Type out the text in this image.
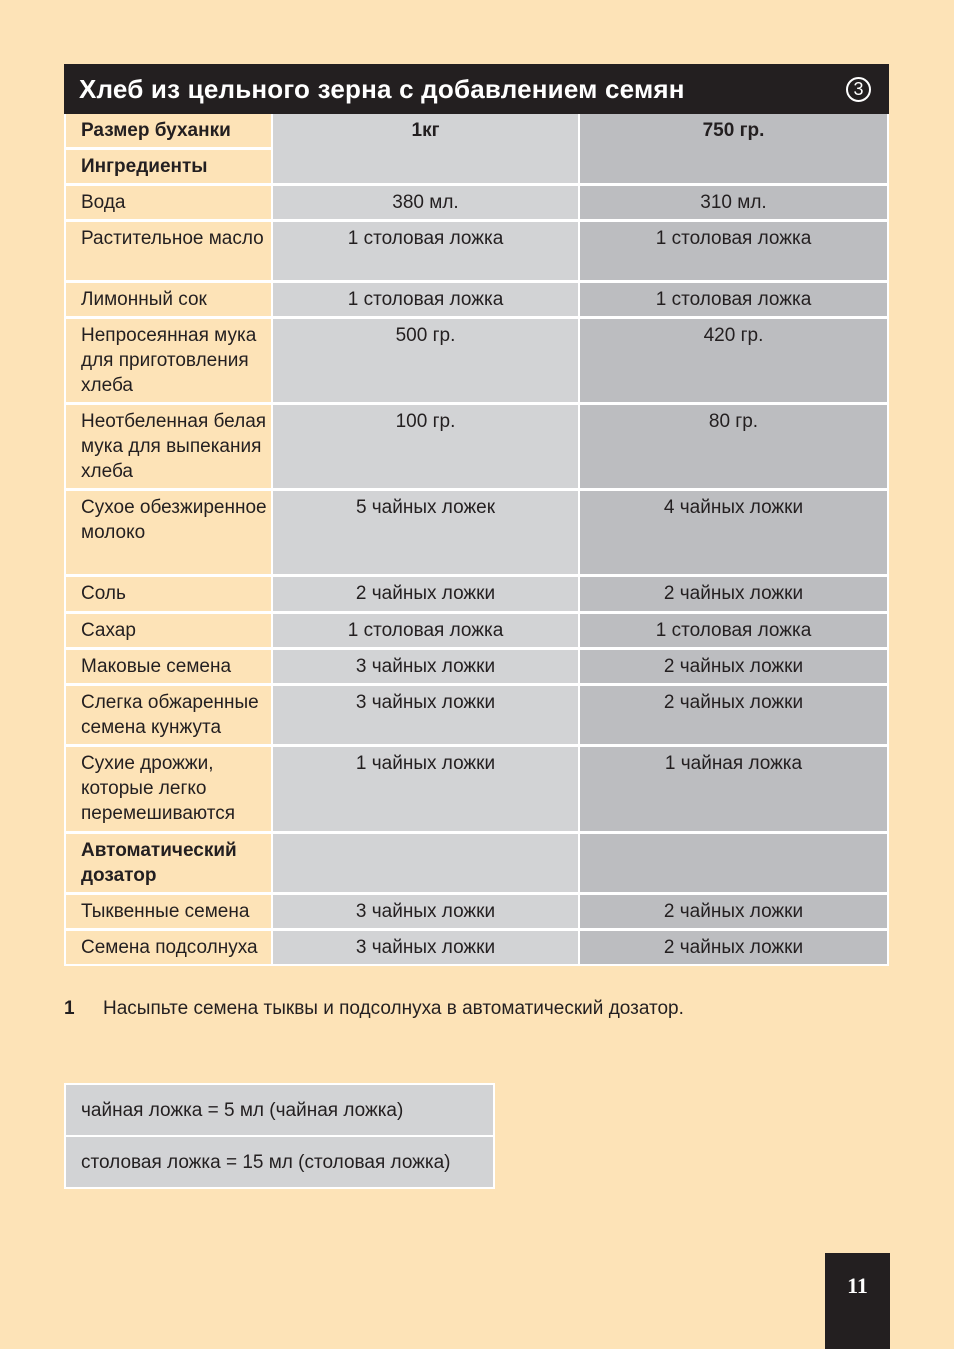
Хлеб из цельного зерна с добавлением семян	3
Размер буханки	1кг	750 гр.
Ингредиенты		
Вода	380 мл.	310 мл.
Растительное масло	1 столовая ложка	1 столовая ложка
Лимонный сок	1 столовая ложка	1 столовая ложка
Непросеянная мука для приготовления хлеба	500 гр.	420 гр.
Неотбеленная белая мука для выпекания хлеба	100 гр.	80 гр.
Сухое обезжиренное молоко	5 чайных ложек	4 чайных ложки
Соль	2 чайных ложки	2 чайных ложки
Сахар	1 столовая ложка	1 столовая ложка
Маковые семена	3 чайных ложки	2 чайных ложки
Слегка обжаренные семена кунжута	3 чайных ложки	2 чайных ложки
Сухие дрожжи, которые легко перемешиваются	1 чайных ложки	1 чайная ложка
Автоматический дозатор		
Тыквенные семена	3 чайных ложки	2 чайных ложки
Семена подсолнуха	3 чайных ложки	2 чайных ложки
1	Насыпьте семена тыквы и подсолнуха в автоматический дозатор.
чайная ложка = 5 мл (чайная ложка)
столовая ложка = 15 мл (столовая ложка)
11
